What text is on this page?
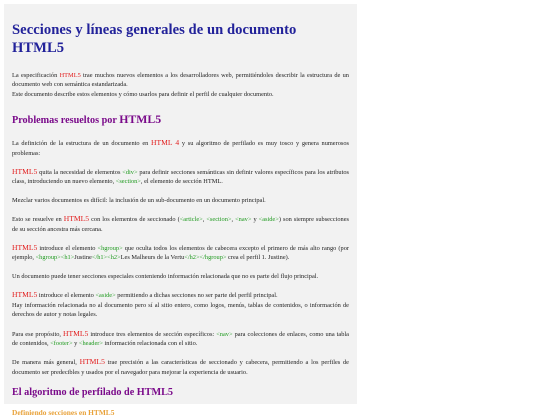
Secciones y líneas generales de un documento HTML5

La especificación HTML5 trae muchos nuevos elementos a los desarrolladores web, permitiéndoles describir la estructura de un documento web con semántica estandarizada.
Este documento describe estos elementos y cómo usarlos para definir el perfil de cualquier documento.

Problemas resueltos por HTML5

La definición de la estructura de un documento en HTML 4 y su algoritmo de perfilado es muy tosco y genera numerosos problemas:

HTML5 quita la necesidad de elementos <div> para definir secciones semánticas sin definir valores específicos para los atributos class, introduciendo un nuevo elemento, <section>, el elemento de sección HTML.

Mezclar varios documentos es difícil: la inclusión de un sub-documento en un documento principal.

Esto se resuelve en HTML5 con los elementos de seccionado (<article>, <section>, <nav> y <aside>) son siempre subsecciones de su sección ancestra más cercana.

HTML5 introduce el elemento <hgroup> que oculta todos los elementos de cabecera excepto el primero de más alto rango (por ejemplo, <hgroup><h1>Justine</h1><h2>Les Malheurs de la Vertu</h2></hgroup> crea el perfil 1. Justine).

Un documento puede tener secciones especiales conteniendo información relacionada que no es parte del flujo principal.

HTML5 introduce el elemento <aside> permitiendo a dichas secciones no ser parte del perfil principal.
Hay información relacionada no al documento pero sí al sitio entero, como logos, menús, tablas de contenidos, o información de derechos de autor y notas legales.

Para ese propósito, HTML5 introduce tres elementos de sección específicos: <nav> para colecciones de enlaces, como una tabla de contenidos, <footer> y <header> información relacionada con el sitio.

De manera más general, HTML5 trae precisión a las características de seccionado y cabecera, permitiendo a los perfiles de documento ser predecibles y usados por el navegador para mejorar la experiencia de usuario.

El algoritmo de perfilado de HTML5
Definiendo secciones en HTML5
